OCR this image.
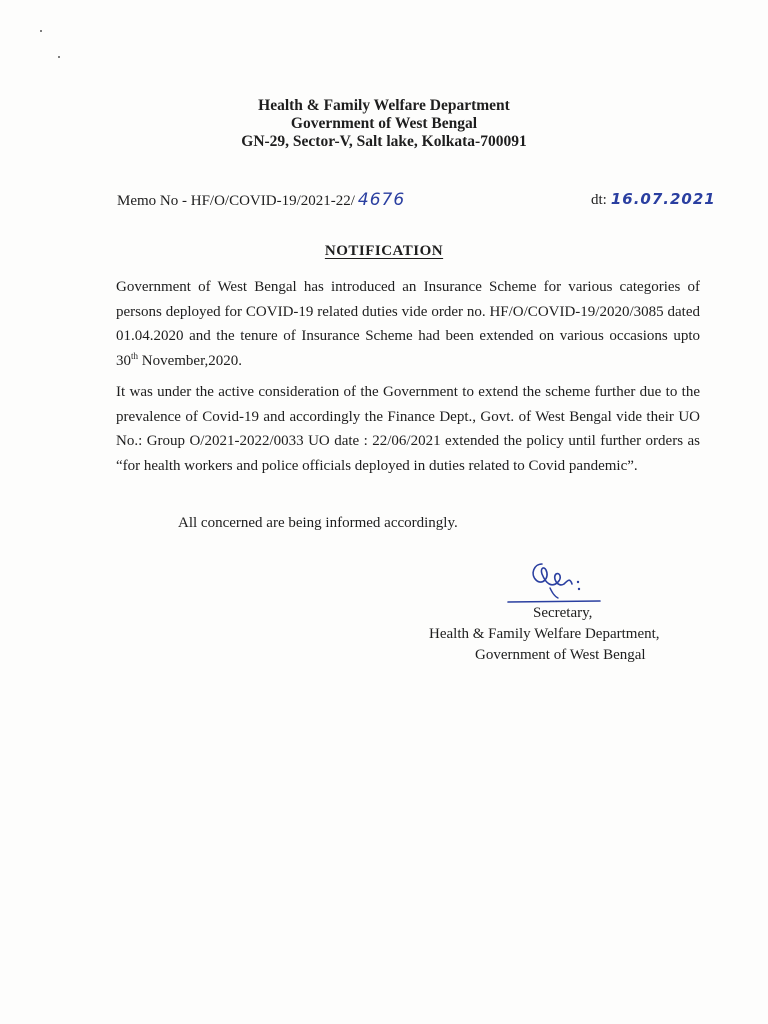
Health & Family Welfare Department
Government of West Bengal
GN-29, Sector-V, Salt lake, Kolkata-700091
Memo No - HF/O/COVID-19/2021-22/ 4676	dt: 16.07.2021
NOTIFICATION

Government of West Bengal has introduced an Insurance Scheme for various categories of persons deployed for COVID-19 related duties vide order no. HF/O/COVID-19/2020/3085 dated 01.04.2020 and the tenure of Insurance Scheme had been extended on various occasions upto 30th November,2020.

It was under the active consideration of the Government to extend the scheme further due to the prevalence of Covid-19 and accordingly the Finance Dept., Govt. of West Bengal vide their UO No.: Group O/2021-2022/0033 UO date : 22/06/2021 extended the policy until further orders as “for health workers and police officials deployed in duties related to Covid pandemic”.

All concerned are being informed accordingly.
Secretary,
Health & Family Welfare Department,
Government of West Bengal
